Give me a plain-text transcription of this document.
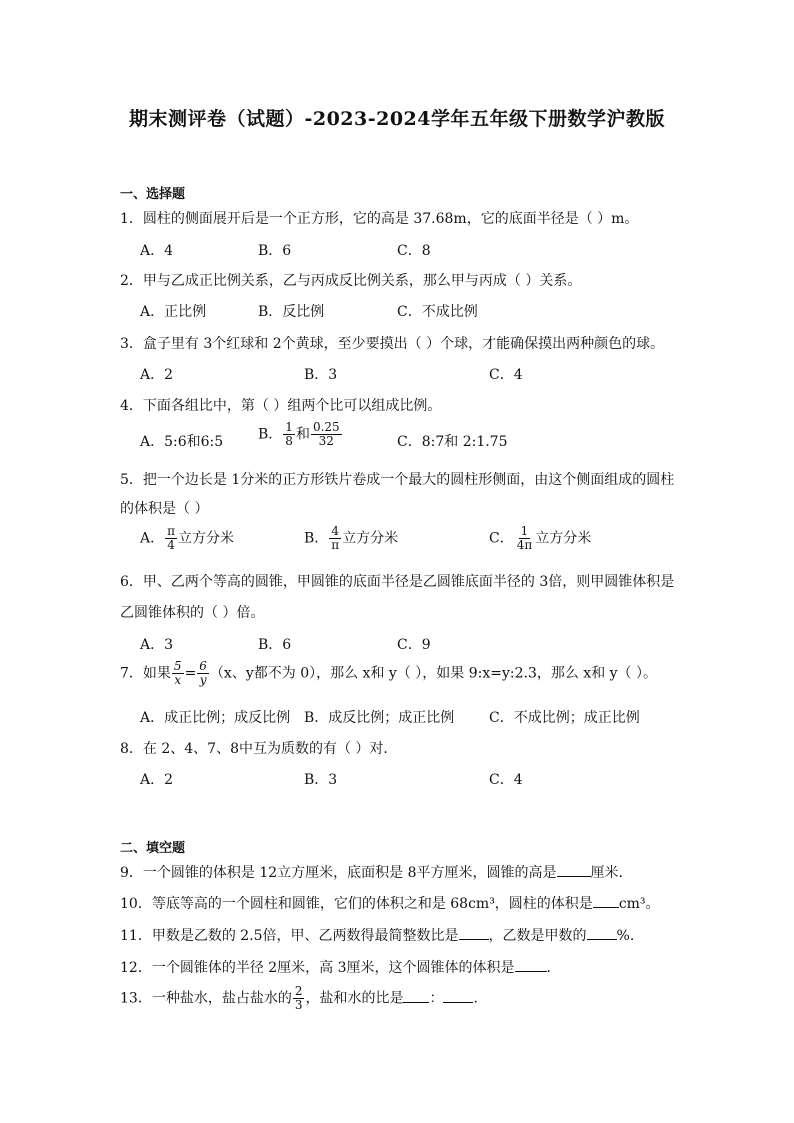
期末测评卷（试题）-2023-2024学年五年级下册数学沪教版
一、选择题
1．圆柱的侧面展开后是一个正方形，它的高是 37.68m，它的底面半径是（ ）m。
A．4	B．6	C．8
2．甲与乙成正比例关系，乙与丙成反比例关系，那么甲与丙成（ ）关系。
A．正比例	B．反比例	C．不成比例
3．盒子里有 3个红球和 2个黄球，至少要摸出（ ）个球，才能确保摸出两种颜色的球。
A．2	B．3	C．4
4．下面各组比中，第（ ）组两个比可以组成比例。
A．5:6和6:5 B． $\frac{1}{8}$ 和 $\frac{0.25}{32}$	C．8:7和 2:1.75
5．把一个边长是 1分米的正方形铁片卷成一个最大的圆柱形侧面，由这个侧面组成的圆柱
的体积是（ ）
A． $\frac{\pi}{4}$ 立方分米	B． $\frac{4}{\pi}$ 立方分米	C． $\frac{1}{4\pi}$ 立方分米
6．甲、乙两个等高的圆锥，甲圆锥的底面半径是乙圆锥底面半径的 3倍，则甲圆锥体积是
乙圆锥体积的（ ）倍。
A．3	B．6	C．9
7．如果 $\frac{5}{x} = \frac{6}{y} (x$、y都不为 0），那么 x和 y（ ），如果 9:x=y:2.3，那么 x和 y（ ）。
A．成正比例；成反比例 B．成反比例；成正比例 C．不成比例；成正比例
8．在 2、4、7、8中互为质数的有（ ）对．
A．2	B．3	C．4
二、填空题
9．一个圆锥的体积是 12立方厘米，底面积是 8平方厘米，圆锥的高是 厘米．
10．等底等高的一个圆柱和圆锥，它们的体积之和是 68cm³，圆柱的体积是 cm³。
11．甲数是乙数的 2.5倍，甲、乙两数得最简整数比是 ，乙数是甲数的 %.
12．一个圆锥体的半径 2厘米，高 3厘米，这个圆锥体的体积是 .
13．一种盐水，盐占盐水的 $\frac{2}{3}$ ，盐和水的比是 ： .
